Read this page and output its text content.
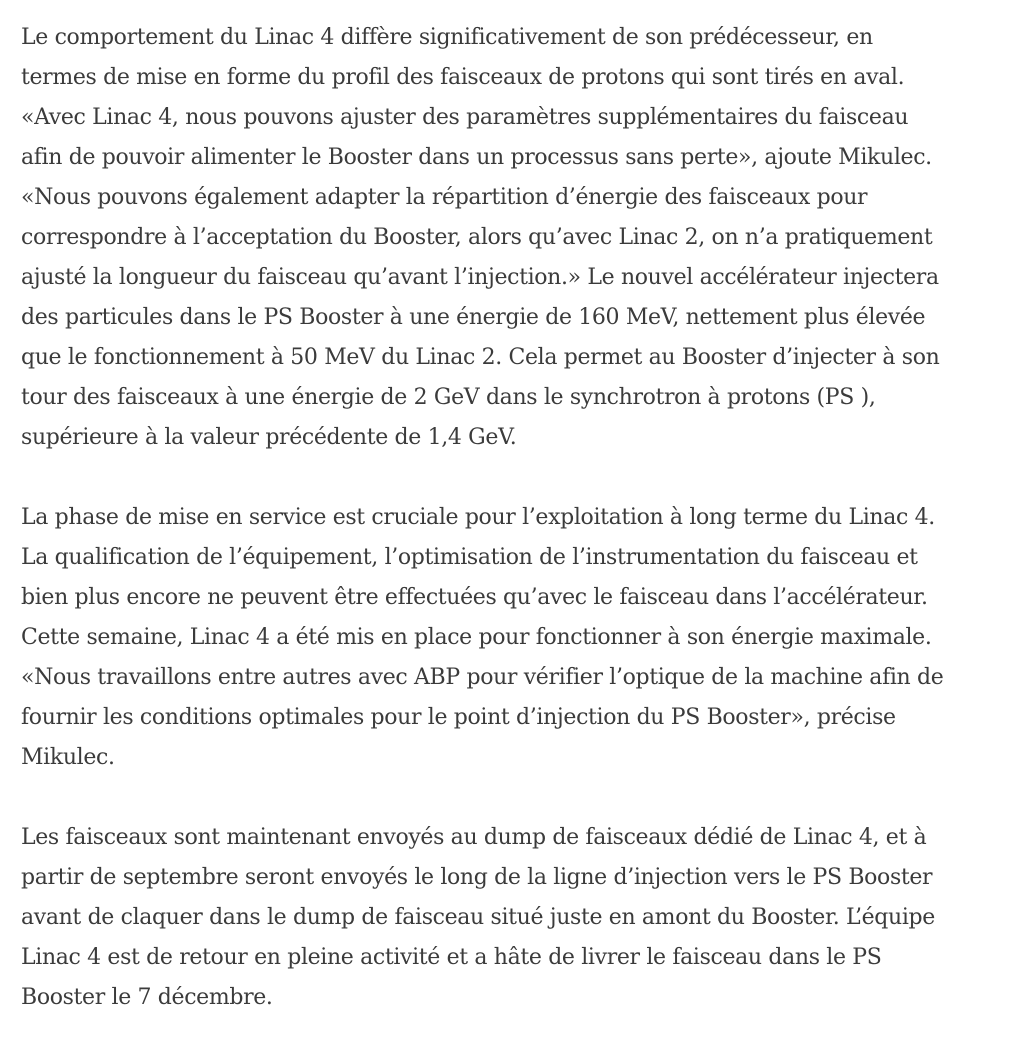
Le comportement du Linac 4 diffère significativement de son prédécesseur, en
termes de mise en forme du profil des faisceaux de protons qui sont tirés en aval.
«Avec Linac 4, nous pouvons ajuster des paramètres supplémentaires du faisceau
afin de pouvoir alimenter le Booster dans un processus sans perte», ajoute Mikulec.
«Nous pouvons également adapter la répartition d’énergie des faisceaux pour
correspondre à l’acceptation du Booster, alors qu’avec Linac 2, on n’a pratiquement
ajusté la longueur du faisceau qu’avant l’injection.» Le nouvel accélérateur injectera
des particules dans le PS Booster à une énergie de 160 MeV, nettement plus élevée
que le fonctionnement à 50 MeV du Linac 2. Cela permet au Booster d’injecter à son
tour des faisceaux à une énergie de 2 GeV dans le synchrotron à protons (PS ),
supérieure à la valeur précédente de 1,4 GeV.

La phase de mise en service est cruciale pour l’exploitation à long terme du Linac 4.
La qualification de l’équipement, l’optimisation de l’instrumentation du faisceau et
bien plus encore ne peuvent être effectuées qu’avec le faisceau dans l’accélérateur.
Cette semaine, Linac 4 a été mis en place pour fonctionner à son énergie maximale.
«Nous travaillons entre autres avec ABP pour vérifier l’optique de la machine afin de
fournir les conditions optimales pour le point d’injection du PS Booster», précise
Mikulec.

Les faisceaux sont maintenant envoyés au dump de faisceaux dédié de Linac 4, et à
partir de septembre seront envoyés le long de la ligne d’injection vers le PS Booster
avant de claquer dans le dump de faisceau situé juste en amont du Booster. L’équipe
Linac 4 est de retour en pleine activité et a hâte de livrer le faisceau dans le PS
Booster le 7 décembre.
